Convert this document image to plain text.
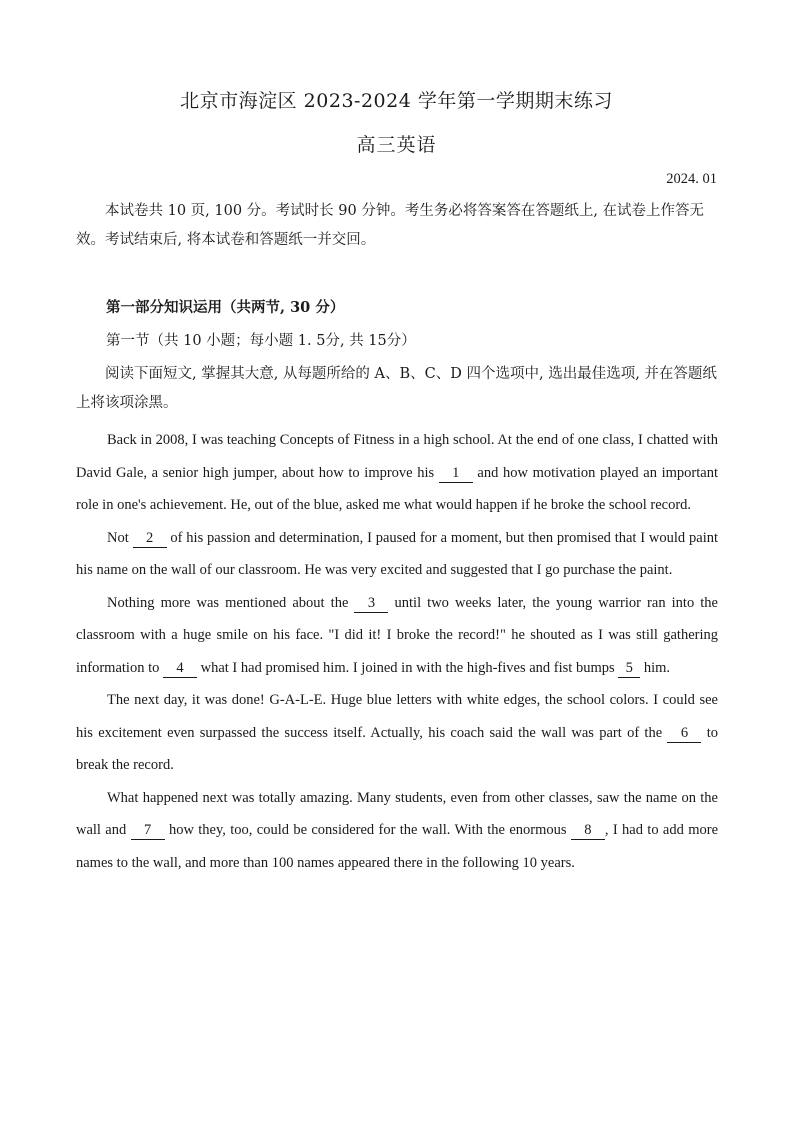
北京市海淀区 2023-2024 学年第一学期期末练习
高三英语
2024. 01
本试卷共 10 页, 100 分。考试时长 90 分钟。考生务必将答案答在答题纸上, 在试卷上作答无效。考试结束后, 将本试卷和答题纸一并交回。
第一部分知识运用（共两节, 30 分）
第一节（共 10 小题；每小题 1. 5分, 共 15分）
阅读下面短文, 掌握其大意, 从每题所给的 A、B、C、D 四个选项中, 选出最佳选项, 并在答题纸上将该项涂黑。

Back in 2008, I was teaching Concepts of Fitness in a high school. At the end of one class, I chatted with David Gale, a senior high jumper, about how to improve his 1 and how motivation played an important role in one's achievement. He, out of the blue, asked me what would happen if he broke the school record.

Not 2 of his passion and determination, I paused for a moment, but then promised that I would paint his name on the wall of our classroom. He was very excited and suggested that I go purchase the paint.

Nothing more was mentioned about the 3 until two weeks later, the young warrior ran into the classroom with a huge smile on his face. "I did it! I broke the record!" he shouted as I was still gathering information to 4 what I had promised him. I joined in with the high-fives and fist bumps 5 him.

The next day, it was done! G-A-L-E. Huge blue letters with white edges, the school colors. I could see his excitement even surpassed the success itself. Actually, his coach said the wall was part of the 6 to break the record.

What happened next was totally amazing. Many students, even from other classes, saw the name on the wall and 7 how they, too, could be considered for the wall. With the enormous 8 , I had to add more names to the wall, and more than 100 names appeared there in the following 10 years.
